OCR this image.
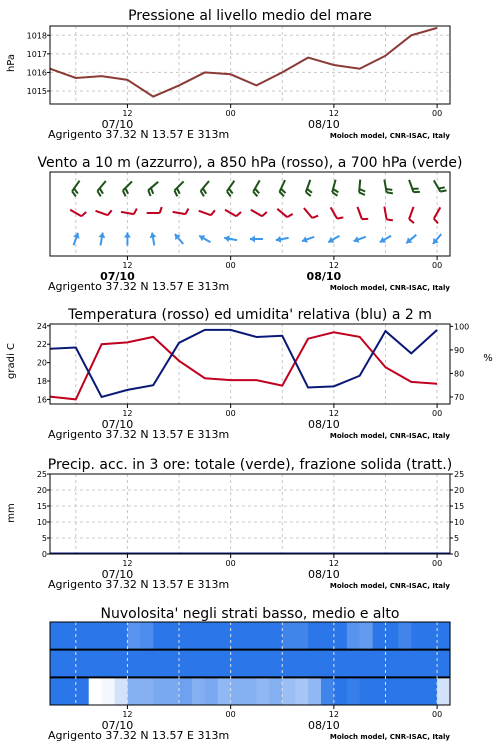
Pressione al livello medio del mare
hPa
1015
1016
1017
1018
12	00	12	00
07/10	08/10
Agrigento 37.32 N 13.57 E 313m	Moloch model, CNR-ISAC, Italy
Vento a 10 m (azzurro), a 850 hPa (rosso), a 700 hPa (verde)
12	00	12	00
07/10	08/10
Agrigento 37.32 N 13.57 E 313m	Moloch model, CNR-ISAC, Italy
Temperatura (rosso) ed umidita' relativa (blu) a 2 m
gradi C	%
16
18
20
22
24
70
80
90
100
12	00	12	00
07/10	08/10
Agrigento 37.32 N 13.57 E 313m	Moloch model, CNR-ISAC, Italy
Precip. acc. in 3 ore: totale (verde), frazione solida (tratt.)
mm
0	0
5	5
10	10
15	15
20	20
25	25
12	00	12	00
07/10	08/10
Agrigento 37.32 N 13.57 E 313m	Moloch model, CNR-ISAC, Italy
Nuvolosita' negli strati basso, medio e alto
12	00	12	00
07/10	08/10
Agrigento 37.32 N 13.57 E 313m	Moloch model, CNR-ISAC, Italy
